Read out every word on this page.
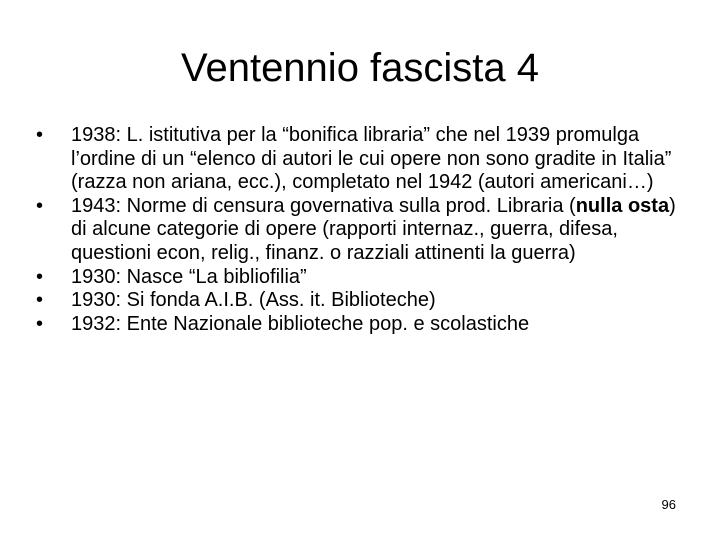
Ventennio fascista 4
•	1938: L. istitutiva per la “bonifica libraria” che nel 1939 promulga l’ordine di un “elenco di autori le cui opere non sono gradite in Italia” (razza non ariana, ecc.), completato nel 1942 (autori americani…)
•	1943: Norme di censura governativa sulla prod. Libraria (nulla osta) di alcune categorie di opere (rapporti internaz., guerra, difesa, questioni econ, relig., finanz. o razziali attinenti la guerra)
•	1930: Nasce “La bibliofilia”
•	1930: Si fonda A.I.B. (Ass. it. Biblioteche)
•	1932: Ente Nazionale biblioteche pop. e scolastiche
96
